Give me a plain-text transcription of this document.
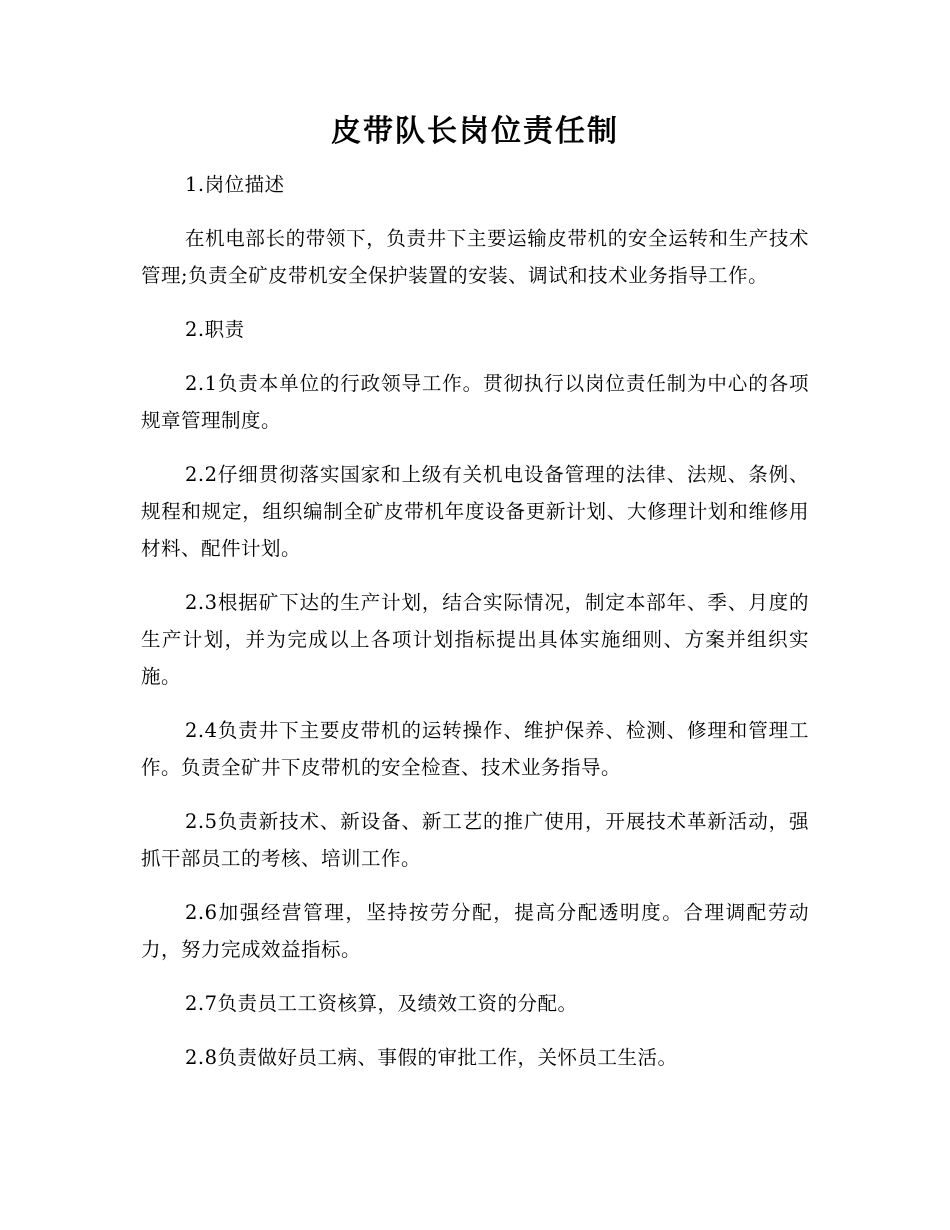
皮带队长岗位责任制

1.岗位描述

在机电部长的带领下，负责井下主要运输皮带机的安全运转和生产技术管理;负责全矿皮带机安全保护装置的安装、调试和技术业务指导工作。

2.职责

2.1负责本单位的行政领导工作。贯彻执行以岗位责任制为中心的各项规章管理制度。

2.2仔细贯彻落实国家和上级有关机电设备管理的法律、法规、条例、规程和规定，组织编制全矿皮带机年度设备更新计划、大修理计划和维修用材料、配件计划。

2.3根据矿下达的生产计划，结合实际情况，制定本部年、季、月度的生产计划，并为完成以上各项计划指标提出具体实施细则、方案并组织实施。

2.4负责井下主要皮带机的运转操作、维护保养、检测、修理和管理工作。负责全矿井下皮带机的安全检查、技术业务指导。

2.5负责新技术、新设备、新工艺的推广使用，开展技术革新活动，强抓干部员工的考核、培训工作。

2.6加强经营管理，坚持按劳分配，提高分配透明度。合理调配劳动力，努力完成效益指标。

2.7负责员工工资核算，及绩效工资的分配。

2.8负责做好员工病、事假的审批工作，关怀员工生活。
